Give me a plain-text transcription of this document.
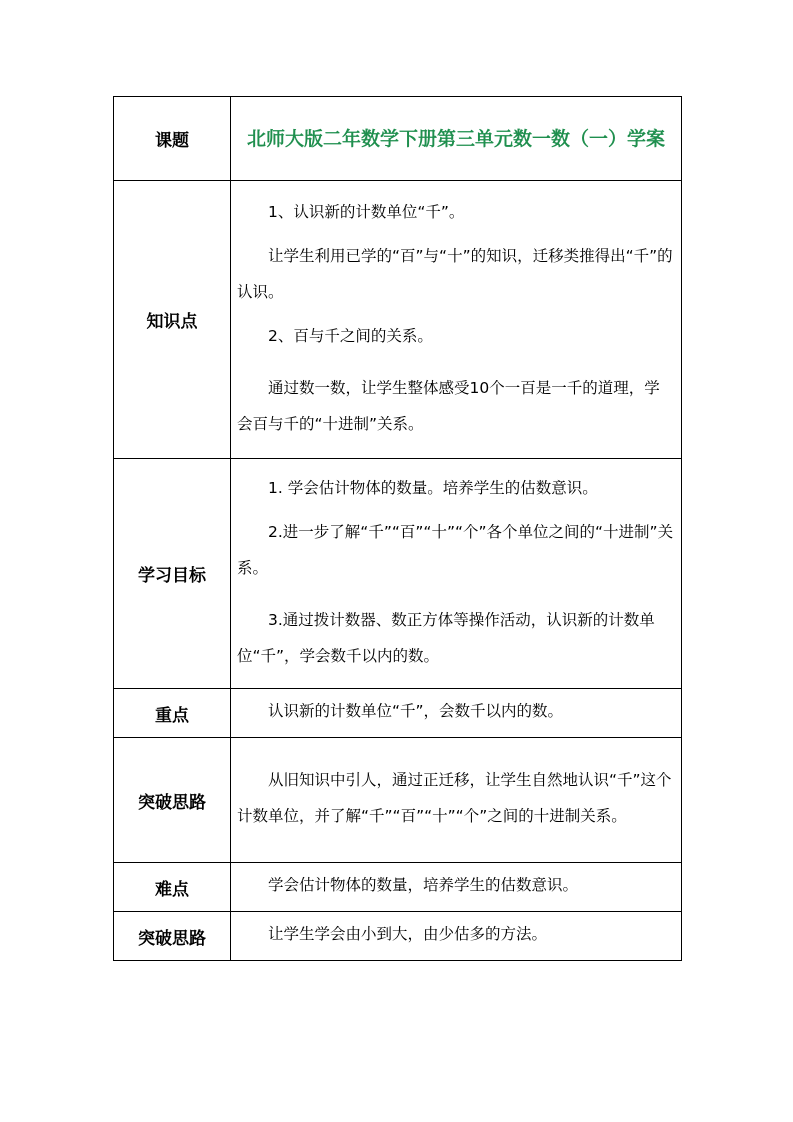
课题	北师大版二年数学下册第三单元数一数（一）学案
知识点	1、认识新的计数单位“千”。

让学生利用已学的“百”与“十”的知识，迁移类推得出“千”的认识。

2、百与千之间的关系。

通过数一数，让学生整体感受10个一百是一千的道理，学会百与千的“十进制”关系。

学习目标	1. 学会估计物体的数量。培养学生的估数意识。

2.进一步了解“千”“百”“十”“个”各个单位之间的“十进制”关系。

3.通过拨计数器、数正方体等操作活动，认识新的计数单位“千”，学会数千以内的数。

重点	认识新的计数单位“千”，会数千以内的数。

突破思路	从旧知识中引人，通过正迁移，让学生自然地认识“千”这个计数单位，并了解“千”“百”“十”“个”之间的十进制关系。

难点	学会估计物体的数量，培养学生的估数意识。

突破思路	让学生学会由小到大，由少估多的方法。
